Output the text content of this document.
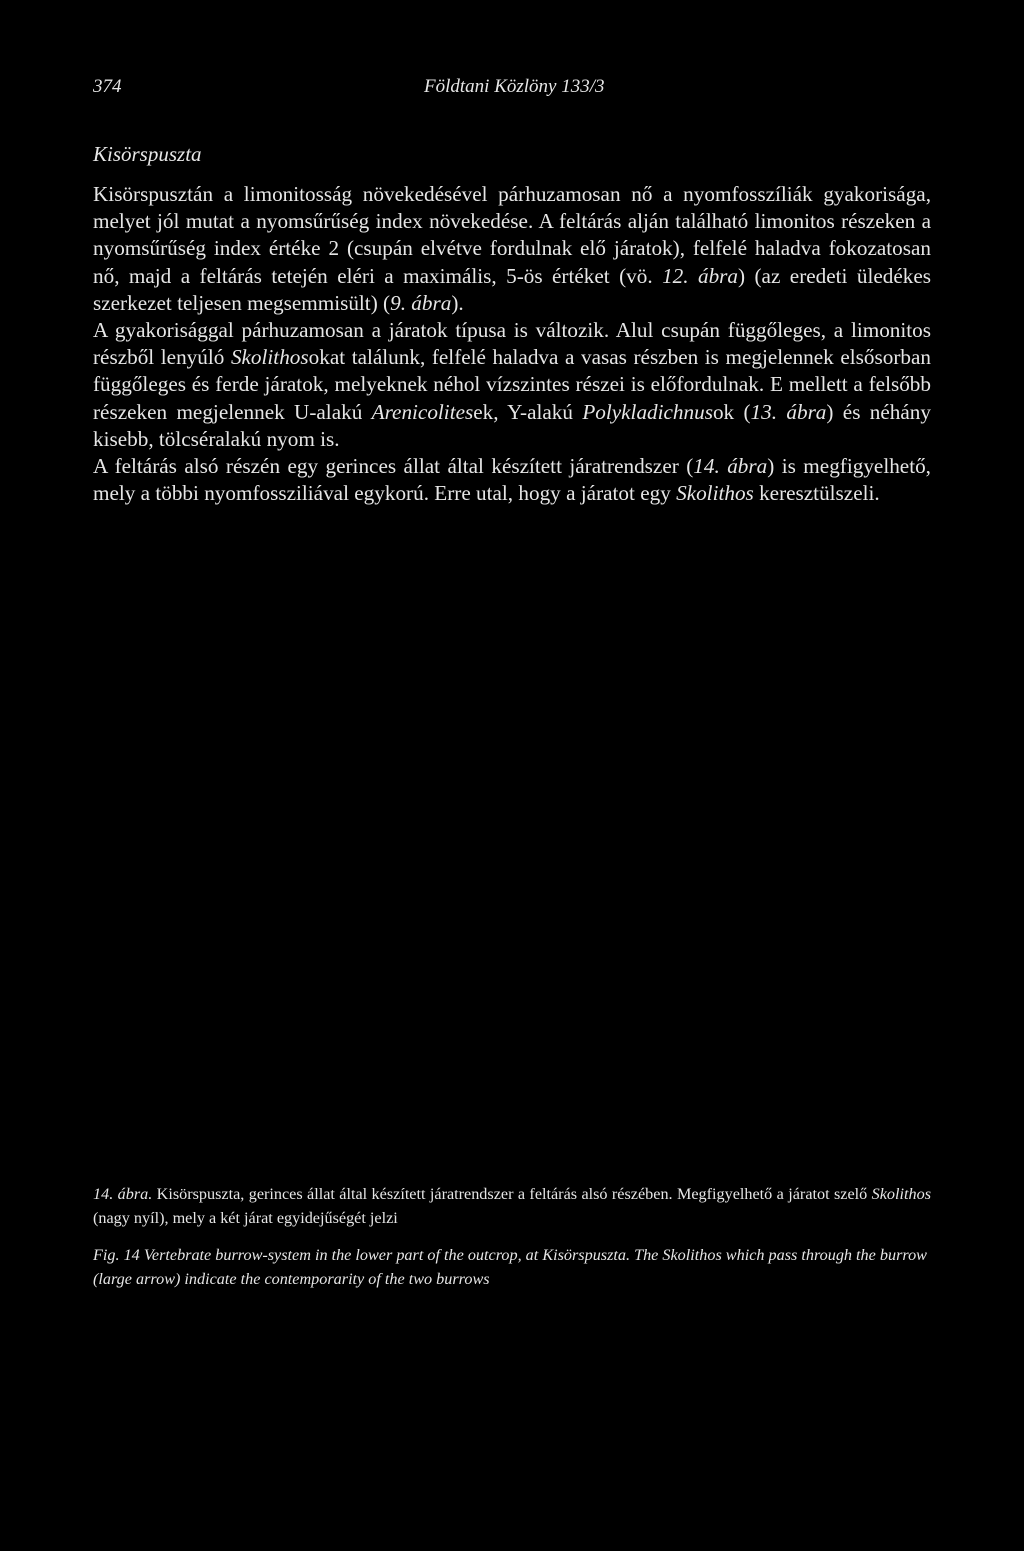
374	Földtani Közlöny 133/3
Kisörspuszta

Kisörspusztán a limonitosság növekedésével párhuzamosan nő a nyomfosszíliák gyakorisága, melyet jól mutat a nyomsűrűség index növekedése. A feltárás alján található limonitos részeken a nyomsűrűség index értéke 2 (csupán elvétve fordulnak elő járatok), felfelé haladva fokozatosan nő, majd a feltárás tetején eléri a maximális, 5-ös értéket (vö. 12. ábra) (az eredeti üledékes szerkezet teljesen megsemmisült) (9. ábra).

A gyakorisággal párhuzamosan a járatok típusa is változik. Alul csupán függőleges, a limonitos részből lenyúló Skolithosokat találunk, felfelé haladva a vasas részben is megjelennek elsősorban függőleges és ferde járatok, melyeknek néhol vízszintes részei is előfordulnak. E mellett a felsőbb részeken megjelennek U-alakú Arenicolitesek, Y-alakú Polykladichnusok (13. ábra) és néhány kisebb, tölcséralakú nyom is.

A feltárás alsó részén egy gerinces állat által készített járatrendszer (14. ábra) is megfigyelhető, mely a többi nyomfossziliával egykorú. Erre utal, hogy a járatot egy Skolithos keresztülszeli.

14. ábra. Kisörspuszta, gerinces állat által készített járatrendszer a feltárás alsó részében. Megfigyelhető a járatot szelő Skolithos (nagy nyíl), mely a két járat egyidejűségét jelzi

Fig. 14 Vertebrate burrow-system in the lower part of the outcrop, at Kisörspuszta. The Skolithos which pass through the burrow (large arrow) indicate the contemporarity of the two burrows
